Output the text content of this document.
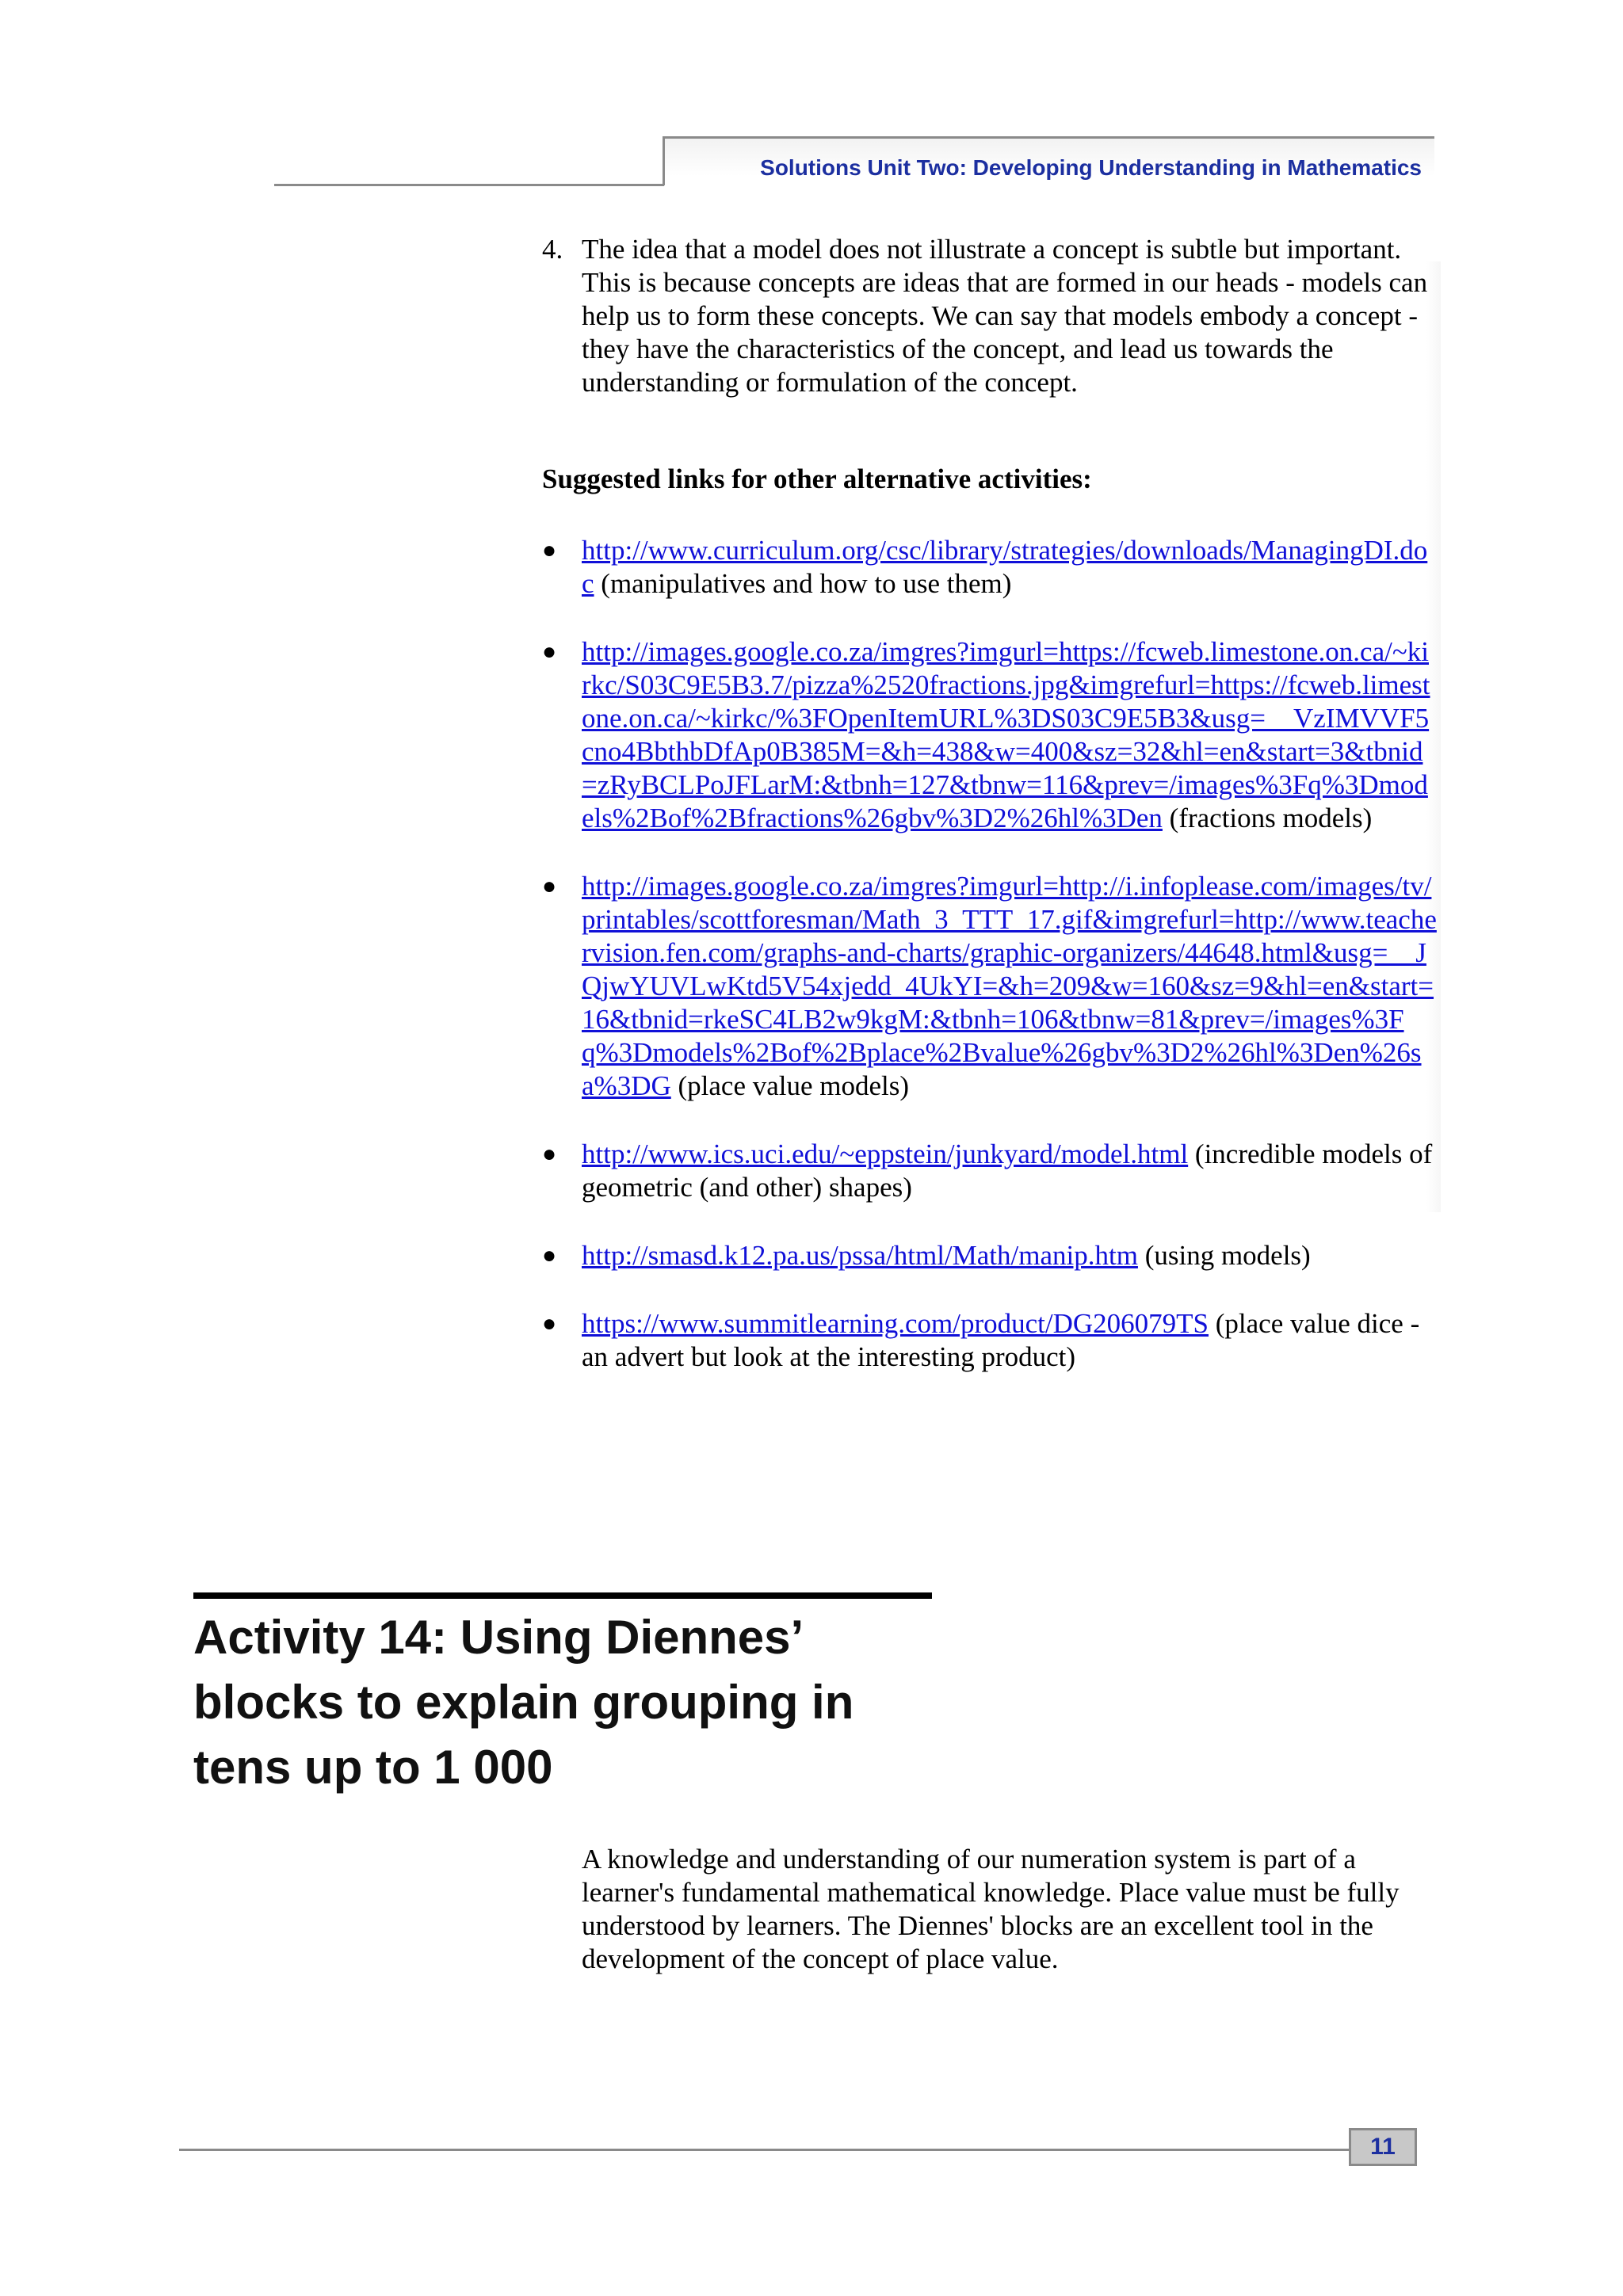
Solutions Unit Two: Developing Understanding in Mathematics
4. The idea that a model does not illustrate a concept is subtle but important. This is because concepts are ideas that are formed in our heads - models can help us to form these concepts. We can say that models embody a concept - they have the characteristics of the concept, and lead us towards the understanding or formulation of the concept.
Suggested links for other alternative activities:
● http://www.curriculum.org/csc/library/strategies/downloads/ManagingDI.doc (manipulatives and how to use them)
● http://images.google.co.za/imgres?imgurl=https://fcweb.limestone.on.ca/~kirkc/S03C9E5B3.7/pizza%2520fractions.jpg&imgrefurl=https://fcweb.limestone.on.ca/~kirkc/%3FOpenItemURL%3DS03C9E5B3&usg=__VzIMVVF5cno4BbthbDfAp0B385M=&h=438&w=400&sz=32&hl=en&start=3&tbnid=zRyBCLPoJFLarM:&tbnh=127&tbnw=116&prev=/images%3Fq%3Dmodels%2Bof%2Bfractions%26gbv%3D2%26hl%3Den (fractions models)
● http://images.google.co.za/imgres?imgurl=http://i.infoplease.com/images/tv/printables/scottforesman/Math_3_TTT_17.gif&imgrefurl=http://www.teachervision.fen.com/graphs-and-charts/graphic-organizers/44648.html&usg=__JQjwYUVLwKtd5V54xjedd_4UkYI=&h=209&w=160&sz=9&hl=en&start=16&tbnid=rkeSC4LB2w9kgM:&tbnh=106&tbnw=81&prev=/images%3Fq%3Dmodels%2Bof%2Bplace%2Bvalue%26gbv%3D2%26hl%3Den%26sa%3DG (place value models)
● http://www.ics.uci.edu/~eppstein/junkyard/model.html (incredible models of geometric (and other) shapes)
● http://smasd.k12.pa.us/pssa/html/Math/manip.htm (using models)
● https://www.summitlearning.com/product/DG206079TS (place value dice - an advert but look at the interesting product)
Activity 14: Using Diennes’ blocks to explain grouping in tens up to 1 000
A knowledge and understanding of our numeration system is part of a learner's fundamental mathematical knowledge. Place value must be fully understood by learners. The Diennes' blocks are an excellent tool in the development of the concept of place value.
11
